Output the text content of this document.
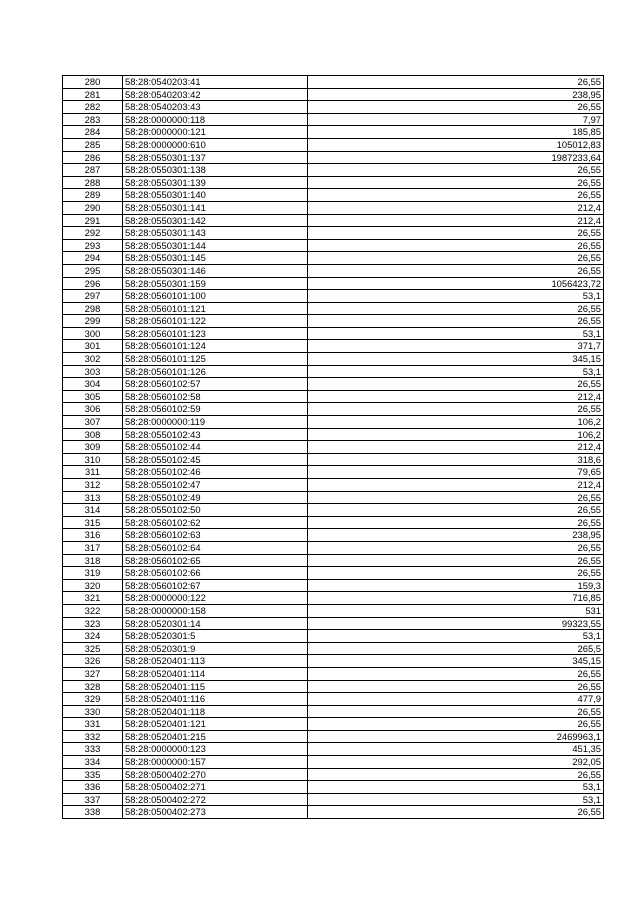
280	58:28:0540203:41	26,55
281	58:28:0540203:42	238,95
282	58:28:0540203:43	26,55
283	58:28:0000000:118	7,97
284	58:28:0000000:121	185,85
285	58:28:0000000:610	105012,83
286	58:28:0550301:137	1987233,64
287	58:28:0550301:138	26,55
288	58:28:0550301:139	26,55
289	58:28:0550301:140	26,55
290	58:28:0550301:141	212,4
291	58:28:0550301:142	212,4
292	58:28:0550301:143	26,55
293	58:28:0550301:144	26,55
294	58:28:0550301:145	26,55
295	58:28:0550301:146	26,55
296	58:28:0550301:159	1056423,72
297	58:28:0560101:100	53,1
298	58:28:0560101:121	26,55
299	58:28:0560101:122	26,55
300	58:28:0560101:123	53,1
301	58:28:0560101:124	371,7
302	58:28:0560101:125	345,15
303	58:28:0560101:126	53,1
304	58:28:0560102:57	26,55
305	58:28:0560102:58	212,4
306	58:28:0560102:59	26,55
307	58:28:0000000:119	106,2
308	58:28:0550102:43	106,2
309	58:28:0550102:44	212,4
310	58:28:0550102:45	318,6
311	58:28:0550102:46	79,65
312	58:28:0550102:47	212,4
313	58:28:0550102:49	26,55
314	58:28:0550102:50	26,55
315	58:28:0560102:62	26,55
316	58:28:0560102:63	238,95
317	58:28:0560102:64	26,55
318	58:28:0560102:65	26,55
319	58:28:0560102:66	26,55
320	58:28:0560102:67	159,3
321	58:28:0000000:122	716,85
322	58:28:0000000:158	531
323	58:28:0520301:14	99323,55
324	58:28:0520301:5	53,1
325	58:28:0520301:9	265,5
326	58:28:0520401:113	345,15
327	58:28:0520401:114	26,55
328	58:28:0520401:115	26,55
329	58:28:0520401:116	477,9
330	58:28:0520401:118	26,55
331	58:28:0520401:121	26,55
332	58:28:0520401:215	2469963,1
333	58:28:0000000:123	451,35
334	58:28:0000000:157	292,05
335	58:28:0500402:270	26,55
336	58:28:0500402:271	53,1
337	58:28:0500402:272	53,1
338	58:28:0500402:273	26,55
